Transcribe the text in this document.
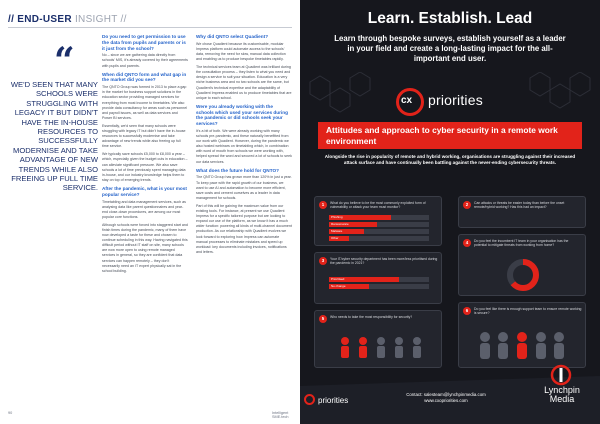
// END-USER INSIGHT //
“
WE'D SEEN THAT MANY SCHOOLS WERE STRUGGLING WITH LEGACY IT BUT DIDN'T HAVE THE IN-HOUSE RESOURCES TO SUCCESSFULLY MODERNISE AND TAKE ADVANTAGE OF NEW TRENDS WHILE ALSO FREEING UP FULL TIME SERVICE.
Do you need to get permission to use the data from pupils and parents or is it just from the school?
No – since we are gathering data directly from schools' MIS, it's already covered by their agreements with pupils and parents.
When did QNTO form and what gap in the market did you see?
The QNTO Group was formed in 2013 to place a gap in the market for business support solutions in the education sector providing managed services for everything from most income to timetables. We also provide data consultancy for areas such as personnel and payroll issues, as well as data services and Power BI services.
Essentially, we'd seen that many schools were struggling with legacy IT but didn't have the in-house resources to successfully modernise and take advantage of new trends while also freeing up full time service.
We typically save schools £5,000 to £8,000 a year – which, especially given the budget cuts in education – can alleviate significant pressure. We also save schools a lot of time previously spent managing data in-house, and our industry knowledge helps them to stay on top of emerging trends.
After the pandemic, what is your most popular service?
Timetabling and data management services, such as analysing data like parent questionnaires and year-end close-down procedures, are among our most popular core functions.
Although schools were forced into staggered start and finish times during the pandemic, many of them have now developed a taste for these and chosen to continue scheduling in this way. Having navigated this difficult period without IT staff on site, many schools are now more open to using remote managed services in general, so they are confident that data services can happen remotely – they don't necessarily need an IT expert physically sat in the school building.
Why did QNTO select Quadient?
We chose Quadient because its customisable, modular Impress platform could automate access to the schools' data, removing the need for slow, manual data collection and enabling us to produce bespoke timetables rapidly.
The technical services team at Quadient was brilliant during the consultation process – they listen to what you need and design a service to suit your situation. Education is a very niche business area and no two schools are the same, but Quadient's technical expertise and the adaptability of Quadient Impress enabled us to produce timetables that are unique to each school.
Were you already working with the schools which used your services during the pandemic or did schools seek your services?
It's a bit of both. We were already working with many schools pre-pandemic, and these naturally benefitted from our work with Quadient. However, during the pandemic we also hosted webinars on timetabling which, in combination with word of mouth from schools we were working with, helped spread the word and secured a lot of schools to seek our data services.
What does the future hold for QNTO?
The QNTO Group has grown more than 120% in just a year. To keep pace with the rapid growth of our business, we want to use AI and automation to become more efficient, save costs and cement ourselves as a leader in data management for schools.
Part of this will be gaining the maximum value from our existing tools. For instance, at present we use Quadient Impress for a specific tailored purpose but are looking to expand our use of the platform, as we know it has a much wider function: powering all kinds of multi-channel document production. As our relationship with Quadient evolves we look forward to exploring how Impress can automate manual processes to eliminate mistakes and speed up workload: key documents including invoices, notifications and letters.
90	Intelligent SME.tech
Learn. Establish. Lead
Learn through bespoke surveys, establish yourself as a leader in your field and create a long-lasting impact for the all-important end user.
cx priorities
Attitudes and approach to cyber security in a remote work environment
Alongside the rise in popularity of remote and hybrid working, organisations are struggling against their increased attack surface and have continually been battling against the never-ending cybersecurity threats.
1	What do you believe to be the most commonly exploited form of vulnerability or attack your team must monitor?
Phishing
Ransomware
Malware
Other
2	Can attacks or threats be easier today than before the onset remote/hybrid working? Has this had an impact?
3	Your IT/cyber security department has been more/less prioritised during the pandemic in 2021?
Prioritised
No change
4	Do you feel the incumbent IT team in your organisation has the potential to mitigate threats from working from home?
5	Who needs to take the most responsibility for security?
6	Do you feel like there is enough support team to ensure remote working is secure?
priorities
Contact: salesteam@lynchpinmedia.com
www.cxopriorities.com
Lynchpin
Media
